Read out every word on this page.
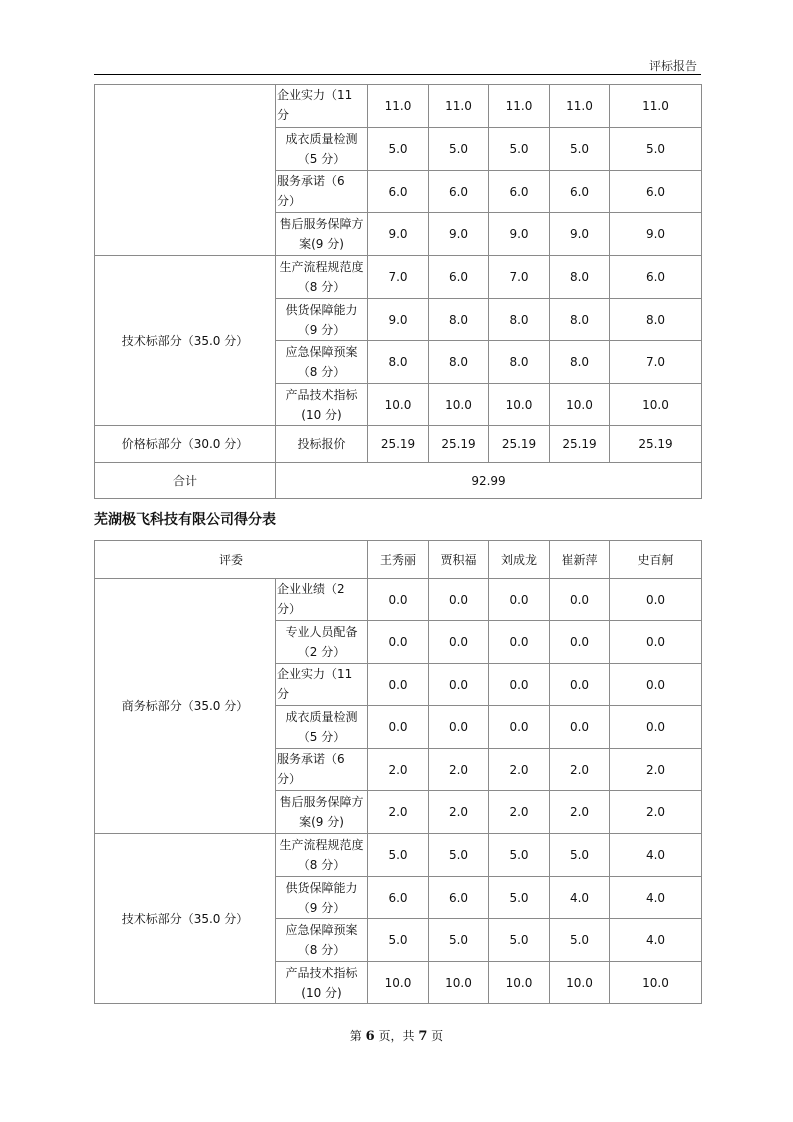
评标报告
	企业实力（11 分	11.0	11.0	11.0	11.0	11.0
	成衣质量检测（5 分）	5.0	5.0	5.0	5.0	5.0
	服务承诺（6 分）	6.0	6.0	6.0	6.0	6.0
	售后服务保障方案(9 分)	9.0	9.0	9.0	9.0	9.0
技术标部分（35.0 分）	生产流程规范度（8 分）	7.0	6.0	7.0	8.0	6.0
	供货保障能力（9 分）	9.0	8.0	8.0	8.0	8.0
	应急保障预案（8 分）	8.0	8.0	8.0	8.0	7.0
	产品技术指标(10 分)	10.0	10.0	10.0	10.0	10.0
价格标部分（30.0 分）	投标报价	25.19	25.19	25.19	25.19	25.19
合计	92.99					
芜湖极飞科技有限公司得分表
评委		王秀丽	贾积福	刘成龙	崔新萍	史百舸
商务标部分（35.0 分）	企业业绩（2 分）	0.0	0.0	0.0	0.0	0.0
	专业人员配备（2 分）	0.0	0.0	0.0	0.0	0.0
	企业实力（11 分	0.0	0.0	0.0	0.0	0.0
	成衣质量检测（5 分）	0.0	0.0	0.0	0.0	0.0
	服务承诺（6 分）	2.0	2.0	2.0	2.0	2.0
	售后服务保障方案(9 分)	2.0	2.0	2.0	2.0	2.0
技术标部分（35.0 分）	生产流程规范度（8 分）	5.0	5.0	5.0	5.0	4.0
	供货保障能力（9 分）	6.0	6.0	5.0	4.0	4.0
	应急保障预案（8 分）	5.0	5.0	5.0	5.0	4.0
	产品技术指标(10 分)	10.0	10.0	10.0	10.0	10.0
第 6 页，共 7 页
